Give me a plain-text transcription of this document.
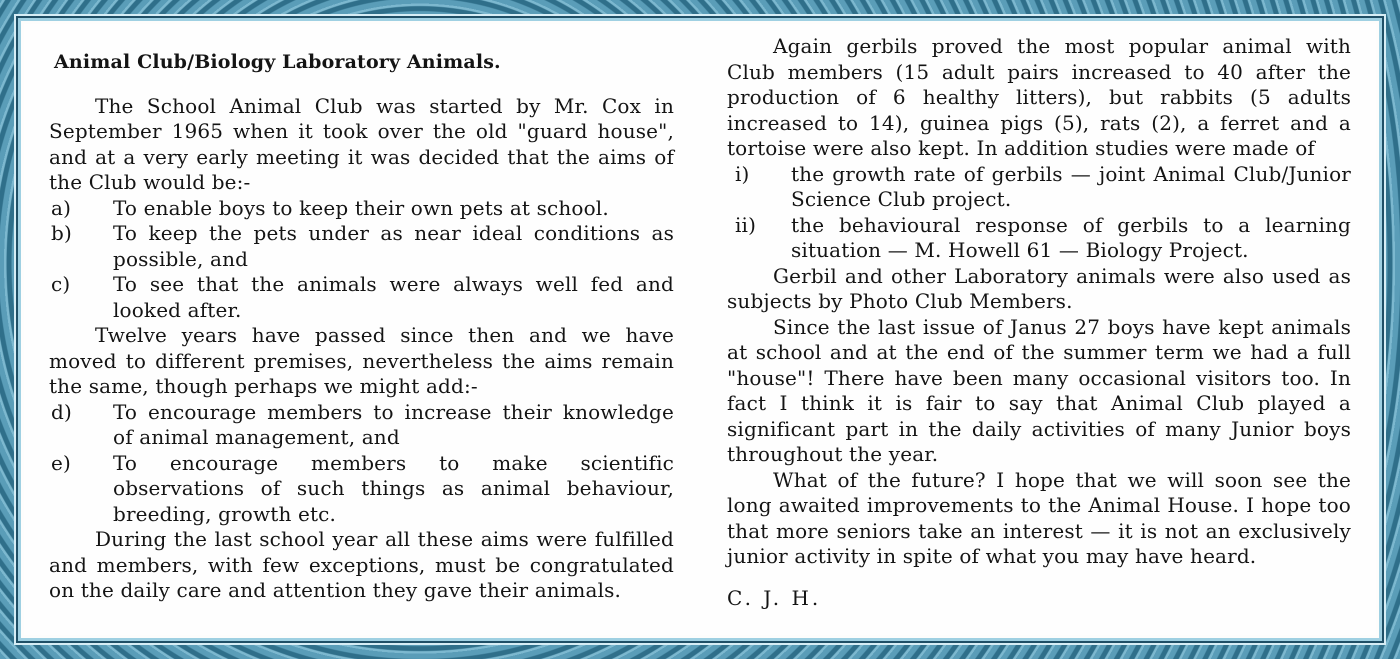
Animal Club/Biology Laboratory Animals.

The School Animal Club was started by Mr. Cox in September 1965 when it took over the old "guard house", and at a very early meeting it was decided that the aims of the Club would be:-

a)	To enable boys to keep their own pets at school.
b)	To keep the pets under as near ideal conditions as possible, and
c)	To see that the animals were always well fed and looked after.

Twelve years have passed since then and we have moved to different premises, nevertheless the aims remain the same, though perhaps we might add:-

d)	To encourage members to increase their knowledge of animal management, and
e)	To encourage members to make scientific observations of such things as animal behaviour, breeding, growth etc.

During the last school year all these aims were fulfilled and members, with few exceptions, must be congratulated on the daily care and attention they gave their animals.

Again gerbils proved the most popular animal with Club members (15 adult pairs increased to 40 after the production of 6 healthy litters), but rabbits (5 adults increased to 14), guinea pigs (5), rats (2), a ferret and a tortoise were also kept. In addition studies were made of

i)	the growth rate of gerbils — joint Animal Club/Junior Science Club project.
ii)	the behavioural response of gerbils to a learning situation — M. Howell 61 — Biology Project.

Gerbil and other Laboratory animals were also used as subjects by Photo Club Members.

Since the last issue of Janus 27 boys have kept animals at school and at the end of the summer term we had a full "house"! There have been many occasional visitors too. In fact I think it is fair to say that Animal Club played a significant part in the daily activities of many Junior boys throughout the year.

What of the future? I hope that we will soon see the long awaited improvements to the Animal House. I hope too that more seniors take an interest — it is not an exclusively junior activity in spite of what you may have heard.

C. J. H.
